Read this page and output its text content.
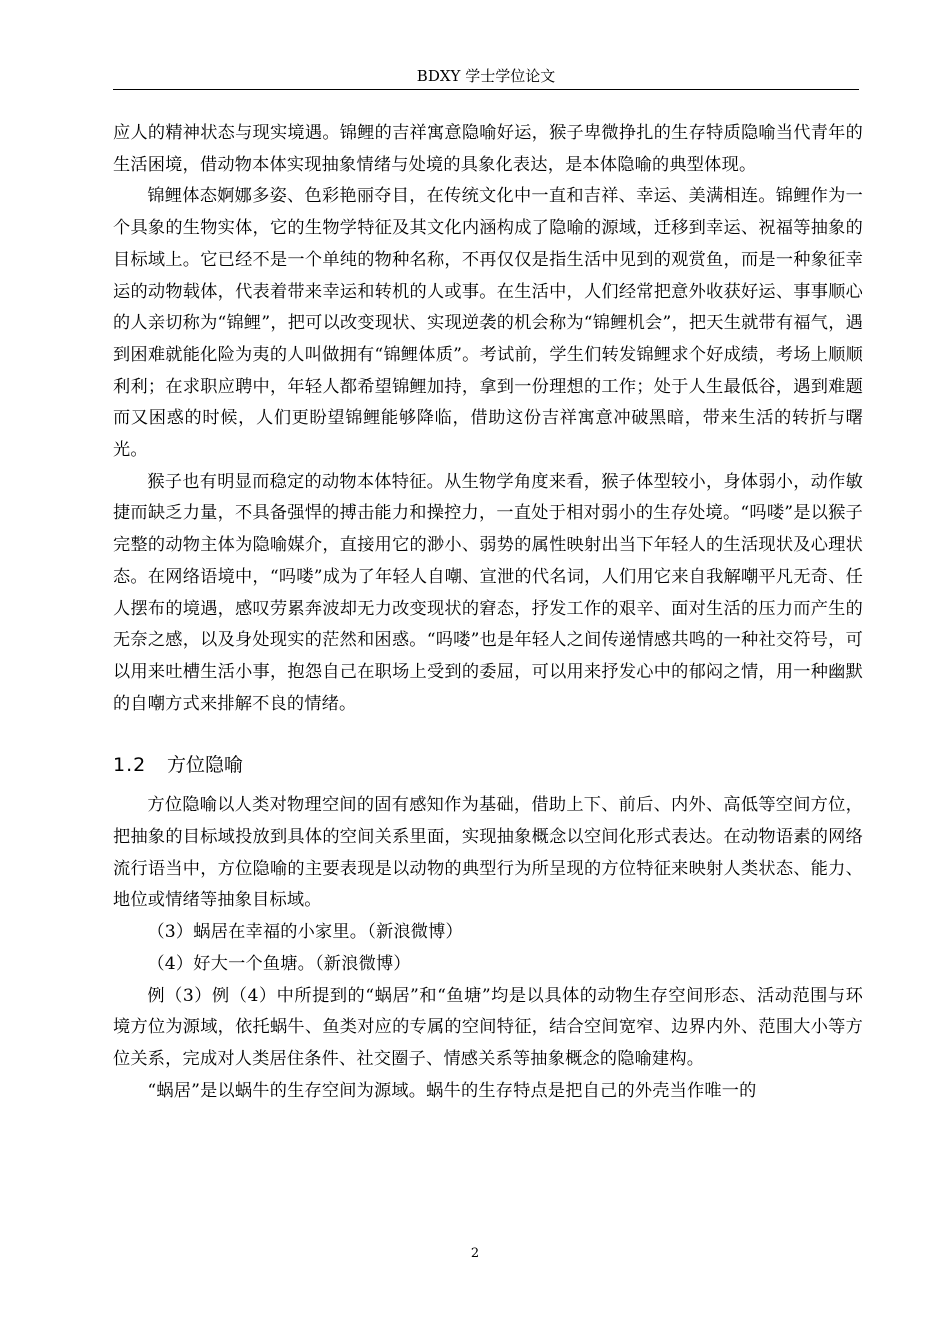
BDXY 学士学位论文

应人的精神状态与现实境遇。锦鲤的吉祥寓意隐喻好运，猴子卑微挣扎的生存特质隐喻当代青年的生活困境，借动物本体实现抽象情绪与处境的具象化表达，是本体隐喻的典型体现。

锦鲤体态婀娜多姿、色彩艳丽夺目，在传统文化中一直和吉祥、幸运、美满相连。锦鲤作为一个具象的生物实体，它的生物学特征及其文化内涵构成了隐喻的源域，迁移到幸运、祝福等抽象的目标域上。它已经不是一个单纯的物种名称，不再仅仅是指生活中见到的观赏鱼，而是一种象征幸运的动物载体，代表着带来幸运和转机的人或事。在生活中，人们经常把意外收获好运、事事顺心的人亲切称为“锦鲤”，把可以改变现状、实现逆袭的机会称为“锦鲤机会”，把天生就带有福气，遇到困难就能化险为夷的人叫做拥有“锦鲤体质”。考试前，学生们转发锦鲤求个好成绩，考场上顺顺利利；在求职应聘中，年轻人都希望锦鲤加持，拿到一份理想的工作；处于人生最低谷，遇到难题而又困惑的时候，人们更盼望锦鲤能够降临，借助这份吉祥寓意冲破黑暗，带来生活的转折与曙光。

猴子也有明显而稳定的动物本体特征。从生物学角度来看，猴子体型较小，身体弱小，动作敏捷而缺乏力量，不具备强悍的搏击能力和操控力，一直处于相对弱小的生存处境。“吗喽”是以猴子完整的动物主体为隐喻媒介，直接用它的渺小、弱势的属性映射出当下年轻人的生活现状及心理状态。在网络语境中，“吗喽”成为了年轻人自嘲、宣泄的代名词，人们用它来自我解嘲平凡无奇、任人摆布的境遇，感叹劳累奔波却无力改变现状的窘态，抒发工作的艰辛、面对生活的压力而产生的无奈之感，以及身处现实的茫然和困惑。“吗喽”也是年轻人之间传递情感共鸣的一种社交符号，可以用来吐槽生活小事，抱怨自己在职场上受到的委屈，可以用来抒发心中的郁闷之情，用一种幽默的自嘲方式来排解不良的情绪。

1.2 方位隐喻

方位隐喻以人类对物理空间的固有感知作为基础，借助上下、前后、内外、高低等空间方位，把抽象的目标域投放到具体的空间关系里面，实现抽象概念以空间化形式表达。在动物语素的网络流行语当中，方位隐喻的主要表现是以动物的典型行为所呈现的方位特征来映射人类状态、能力、地位或情绪等抽象目标域。

（3）蜗居在幸福的小家里。（新浪微博）

（4）好大一个鱼塘。（新浪微博）

例（3）例（4）中所提到的“蜗居”和“鱼塘”均是以具体的动物生存空间形态、活动范围与环境方位为源域，依托蜗牛、鱼类对应的专属的空间特征，结合空间宽窄、边界内外、范围大小等方位关系，完成对人类居住条件、社交圈子、情感关系等抽象概念的隐喻建构。

“蜗居”是以蜗牛的生存空间为源域。蜗牛的生存特点是把自己的外壳当作唯一的

2
